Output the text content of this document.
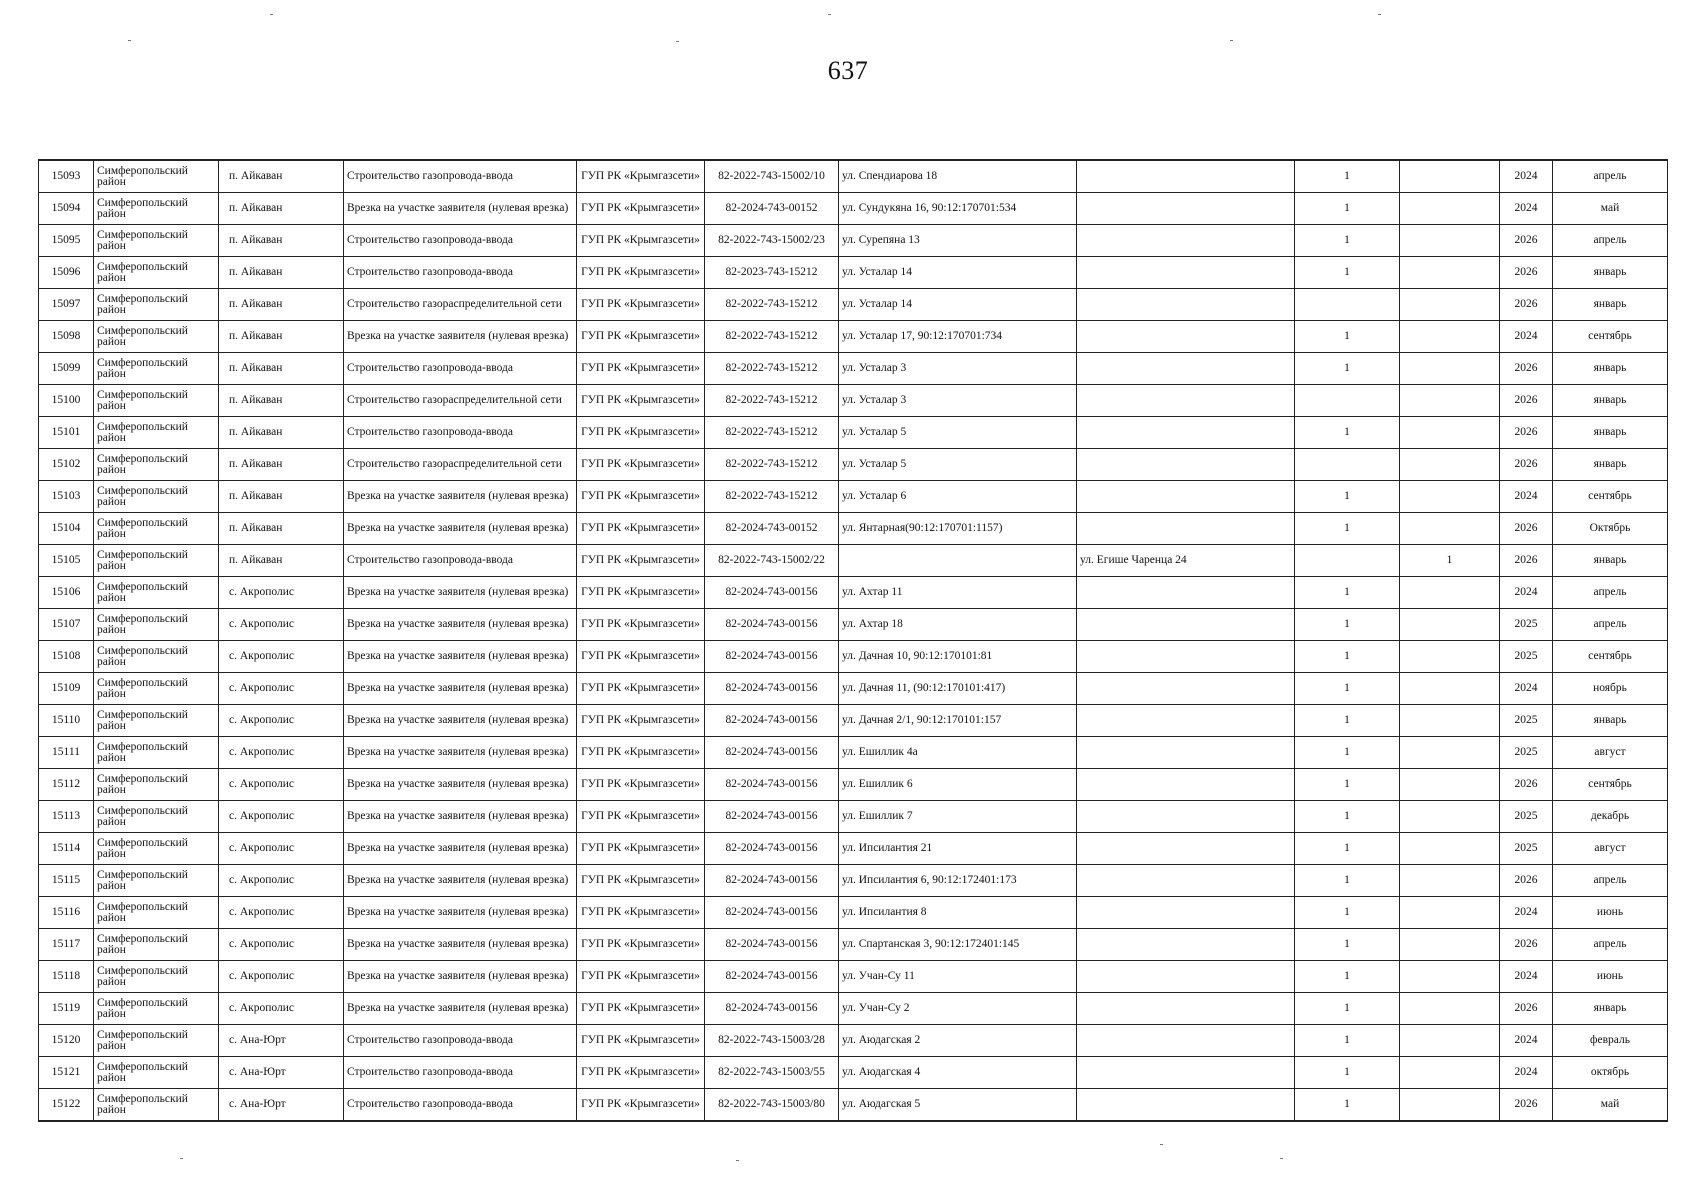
637
15093	Симферопольский район	п. Айкаван	Строительство газопровода-ввода	ГУП РК «Крымгазсети»	82-2022-743-15002/10	ул. Спендиарова 18		1		2024	апрель
15094	Симферопольский район	п. Айкаван	Врезка на участке заявителя (нулевая врезка)	ГУП РК «Крымгазсети»	82-2024-743-00152	ул. Сундукяна 16, 90:12:170701:534		1		2024	май
15095	Симферопольский район	п. Айкаван	Строительство газопровода-ввода	ГУП РК «Крымгазсети»	82-2022-743-15002/23	ул. Сурепяна 13		1		2026	апрель
15096	Симферопольский район	п. Айкаван	Строительство газопровода-ввода	ГУП РК «Крымгазсети»	82-2023-743-15212	ул. Усталар 14		1		2026	январь
15097	Симферопольский район	п. Айкаван	Строительство газораспределительной сети	ГУП РК «Крымгазсети»	82-2022-743-15212	ул. Усталар 14				2026	январь
15098	Симферопольский район	п. Айкаван	Врезка на участке заявителя (нулевая врезка)	ГУП РК «Крымгазсети»	82-2022-743-15212	ул. Усталар 17, 90:12:170701:734		1		2024	сентябрь
15099	Симферопольский район	п. Айкаван	Строительство газопровода-ввода	ГУП РК «Крымгазсети»	82-2022-743-15212	ул. Усталар 3		1		2026	январь
15100	Симферопольский район	п. Айкаван	Строительство газораспределительной сети	ГУП РК «Крымгазсети»	82-2022-743-15212	ул. Усталар 3				2026	январь
15101	Симферопольский район	п. Айкаван	Строительство газопровода-ввода	ГУП РК «Крымгазсети»	82-2022-743-15212	ул. Усталар 5		1		2026	январь
15102	Симферопольский район	п. Айкаван	Строительство газораспределительной сети	ГУП РК «Крымгазсети»	82-2022-743-15212	ул. Усталар 5				2026	январь
15103	Симферопольский район	п. Айкаван	Врезка на участке заявителя (нулевая врезка)	ГУП РК «Крымгазсети»	82-2022-743-15212	ул. Усталар 6		1		2024	сентябрь
15104	Симферопольский район	п. Айкаван	Врезка на участке заявителя (нулевая врезка)	ГУП РК «Крымгазсети»	82-2024-743-00152	ул. Янтарная(90:12:170701:1157)		1		2026	Октябрь
15105	Симферопольский район	п. Айкаван	Строительство газопровода-ввода	ГУП РК «Крымгазсети»	82-2022-743-15002/22		ул. Егише Чаренца 24		1	2026	январь
15106	Симферопольский район	с. Акрополис	Врезка на участке заявителя (нулевая врезка)	ГУП РК «Крымгазсети»	82-2024-743-00156	ул. Ахтар 11		1		2024	апрель
15107	Симферопольский район	с. Акрополис	Врезка на участке заявителя (нулевая врезка)	ГУП РК «Крымгазсети»	82-2024-743-00156	ул. Ахтар 18		1		2025	апрель
15108	Симферопольский район	с. Акрополис	Врезка на участке заявителя (нулевая врезка)	ГУП РК «Крымгазсети»	82-2024-743-00156	ул. Дачная 10, 90:12:170101:81		1		2025	сентябрь
15109	Симферопольский район	с. Акрополис	Врезка на участке заявителя (нулевая врезка)	ГУП РК «Крымгазсети»	82-2024-743-00156	ул. Дачная 11, (90:12:170101:417)		1		2024	ноябрь
15110	Симферопольский район	с. Акрополис	Врезка на участке заявителя (нулевая врезка)	ГУП РК «Крымгазсети»	82-2024-743-00156	ул. Дачная 2/1, 90:12:170101:157		1		2025	январь
15111	Симферопольский район	с. Акрополис	Врезка на участке заявителя (нулевая врезка)	ГУП РК «Крымгазсети»	82-2024-743-00156	ул. Ешиллик 4а		1		2025	август
15112	Симферопольский район	с. Акрополис	Врезка на участке заявителя (нулевая врезка)	ГУП РК «Крымгазсети»	82-2024-743-00156	ул. Ешиллик 6		1		2026	сентябрь
15113	Симферопольский район	с. Акрополис	Врезка на участке заявителя (нулевая врезка)	ГУП РК «Крымгазсети»	82-2024-743-00156	ул. Ешиллик 7		1		2025	декабрь
15114	Симферопольский район	с. Акрополис	Врезка на участке заявителя (нулевая врезка)	ГУП РК «Крымгазсети»	82-2024-743-00156	ул. Ипсилантия 21		1		2025	август
15115	Симферопольский район	с. Акрополис	Врезка на участке заявителя (нулевая врезка)	ГУП РК «Крымгазсети»	82-2024-743-00156	ул. Ипсилантия 6, 90:12:172401:173		1		2026	апрель
15116	Симферопольский район	с. Акрополис	Врезка на участке заявителя (нулевая врезка)	ГУП РК «Крымгазсети»	82-2024-743-00156	ул. Ипсилантия 8		1		2024	июнь
15117	Симферопольский район	с. Акрополис	Врезка на участке заявителя (нулевая врезка)	ГУП РК «Крымгазсети»	82-2024-743-00156	ул. Спартанская 3, 90:12:172401:145		1		2026	апрель
15118	Симферопольский район	с. Акрополис	Врезка на участке заявителя (нулевая врезка)	ГУП РК «Крымгазсети»	82-2024-743-00156	ул. Учан-Су 11		1		2024	июнь
15119	Симферопольский район	с. Акрополис	Врезка на участке заявителя (нулевая врезка)	ГУП РК «Крымгазсети»	82-2024-743-00156	ул. Учан-Су 2		1		2026	январь
15120	Симферопольский район	с. Ана-Юрт	Строительство газопровода-ввода	ГУП РК «Крымгазсети»	82-2022-743-15003/28	ул. Аюдагская 2		1		2024	февраль
15121	Симферопольский район	с. Ана-Юрт	Строительство газопровода-ввода	ГУП РК «Крымгазсети»	82-2022-743-15003/55	ул. Аюдагская 4		1		2024	октябрь
15122	Симферопольский район	с. Ана-Юрт	Строительство газопровода-ввода	ГУП РК «Крымгазсети»	82-2022-743-15003/80	ул. Аюдагская 5		1		2026	май
